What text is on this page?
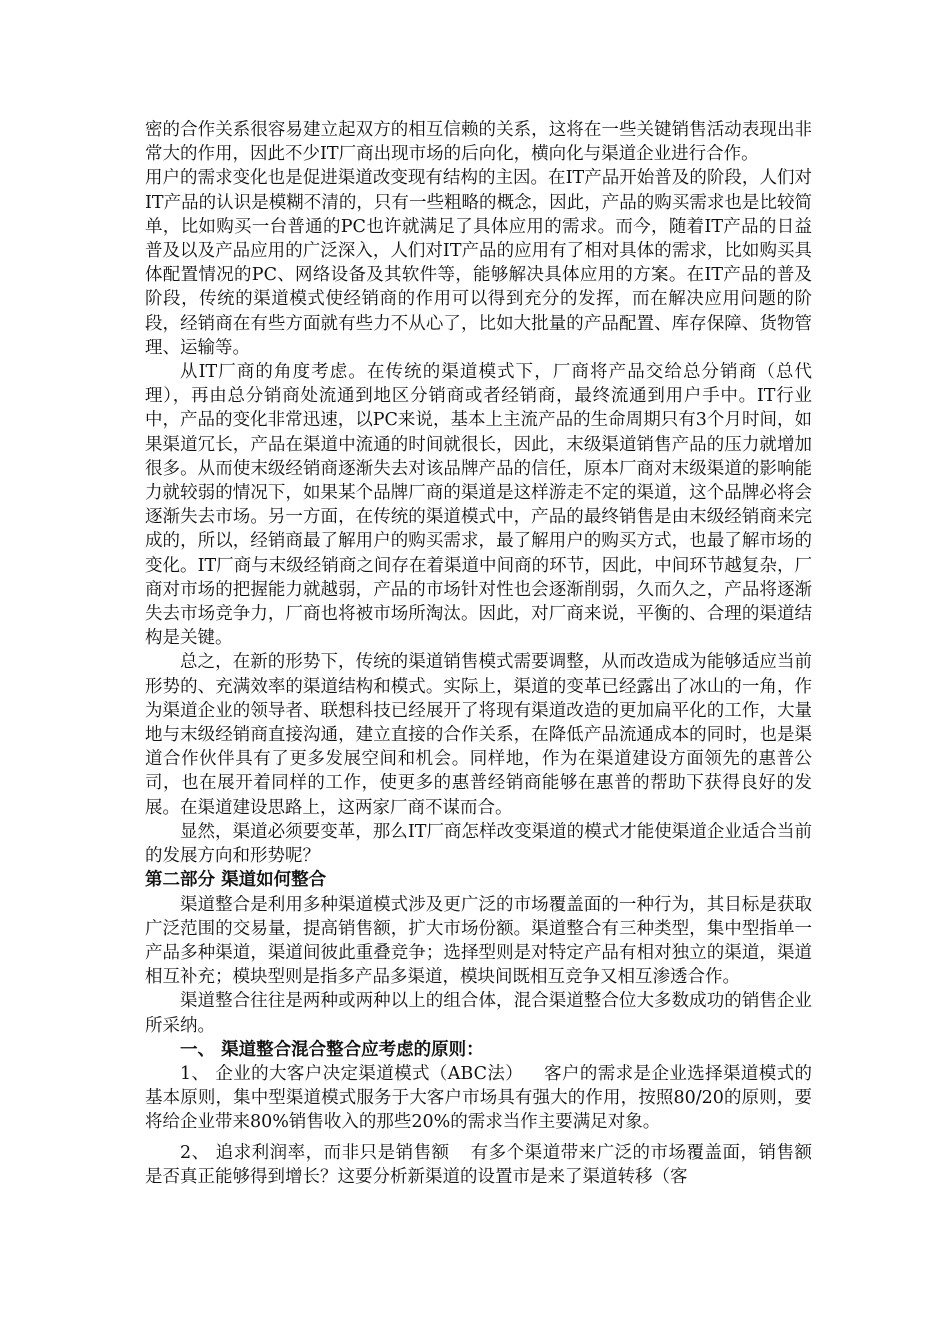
密的合作关系很容易建立起双方的相互信赖的关系，这将在一些关键销售活动表现出非常大的作用，因此不少IT厂商出现市场的后向化，横向化与渠道企业进行合作。

用户的需求变化也是促进渠道改变现有结构的主因。在IT产品开始普及的阶段，人们对IT产品的认识是模糊不清的，只有一些粗略的概念，因此，产品的购买需求也是比较简单，比如购买一台普通的PC也许就满足了具体应用的需求。而今，随着IT产品的日益普及以及产品应用的广泛深入，人们对IT产品的应用有了相对具体的需求，比如购买具体配置情况的PC、网络设备及其软件等，能够解决具体应用的方案。在IT产品的普及阶段，传统的渠道模式使经销商的作用可以得到充分的发挥，而在解决应用问题的阶段，经销商在有些方面就有些力不从心了，比如大批量的产品配置、库存保障、货物管理、运输等。

从IT厂商的角度考虑。在传统的渠道模式下，厂商将产品交给总分销商（总代理），再由总分销商处流通到地区分销商或者经销商，最终流通到用户手中。IT行业中，产品的变化非常迅速，以PC来说，基本上主流产品的生命周期只有3个月时间，如果渠道冗长，产品在渠道中流通的时间就很长，因此，末级渠道销售产品的压力就增加很多。从而使末级经销商逐渐失去对该品牌产品的信任，原本厂商对末级渠道的影响能力就较弱的情况下，如果某个品牌厂商的渠道是这样游走不定的渠道，这个品牌必将会逐渐失去市场。另一方面，在传统的渠道模式中，产品的最终销售是由末级经销商来完成的，所以，经销商最了解用户的购买需求，最了解用户的购买方式，也最了解市场的变化。IT厂商与末级经销商之间存在着渠道中间商的环节，因此，中间环节越复杂，厂商对市场的把握能力就越弱，产品的市场针对性也会逐渐削弱，久而久之，产品将逐渐失去市场竞争力，厂商也将被市场所淘汰。因此，对厂商来说，平衡的、合理的渠道结构是关键。

总之，在新的形势下，传统的渠道销售模式需要调整，从而改造成为能够适应当前形势的、充满效率的渠道结构和模式。实际上，渠道的变革已经露出了冰山的一角，作为渠道企业的领导者、联想科技已经展开了将现有渠道改造的更加扁平化的工作，大量地与末级经销商直接沟通，建立直接的合作关系，在降低产品流通成本的同时，也是渠道合作伙伴具有了更多发展空间和机会。同样地，作为在渠道建设方面领先的惠普公司，也在展开着同样的工作，使更多的惠普经销商能够在惠普的帮助下获得良好的发展。在渠道建设思路上，这两家厂商不谋而合。

显然，渠道必须要变革，那么IT厂商怎样改变渠道的模式才能使渠道企业适合当前的发展方向和形势呢？

第二部分 渠道如何整合

渠道整合是利用多种渠道模式涉及更广泛的市场覆盖面的一种行为，其目标是获取广泛范围的交易量，提高销售额，扩大市场份额。渠道整合有三种类型，集中型指单一产品多种渠道，渠道间彼此重叠竞争；选择型则是对特定产品有相对独立的渠道，渠道相互补充；模块型则是指多产品多渠道，模块间既相互竞争又相互渗透合作。

渠道整合往往是两种或两种以上的组合体，混合渠道整合位大多数成功的销售企业所采纳。

一、 渠道整合混合整合应考虑的原则：

1、 企业的大客户决定渠道模式（ABC法） 客户的需求是企业选择渠道模式的基本原则，集中型渠道模式服务于大客户市场具有强大的作用，按照80/20的原则，要将给企业带来80%销售收入的那些20%的需求当作主要满足对象。

2、 追求利润率，而非只是销售额 有多个渠道带来广泛的市场覆盖面，销售额是否真正能够得到增长？这要分析新渠道的设置市是来了渠道转移（客
